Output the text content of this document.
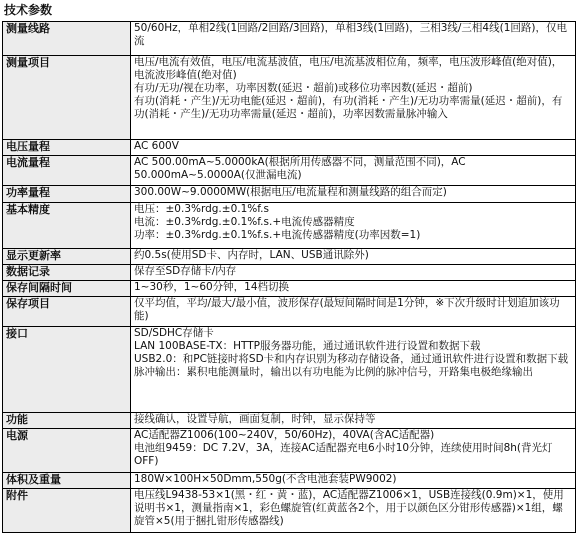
技术参数
测量线路	50/60Hz，单相2线(1回路/2回路/3回路)，单相3线(1回路)，三相3线/三相4线(1回路)，仅电流

测量项目	电压/电流有效值，电压/电流基波值，电压/电流基波相位角，频率，电压波形峰值(绝对值)，电流波形峰值(绝对值)

有功/无功/视在功率，功率因数(延迟・超前)或移位功率因数(延迟・超前)

有功(消耗・产生)/无功电能(延迟・超前)，有功(消耗・产生)/无功功率需量(延迟・超前)，有功(消耗・产生)/无功功率需量(延迟・超前)，功率因数需量脉冲输入

电压量程	AC 600V

电流量程	AC 500.00mA~5.0000kA(根据所用传感器不同，测量范围不同)，AC 50.000mA~5.0000A(仅泄漏电流)

功率量程	300.00W~9.0000MW(根据电压/电流量程和测量线路的组合而定)

基本精度	电压：±0.3%rdg.±0.1%f.s

电流：±0.3%rdg.±0.1%f.s.+电流传感器精度

功率：±0.3%rdg.±0.1%f.s.+电流传感器精度(功率因数=1)

显示更新率	约0.5s(使用SD卡、内存时，LAN、USB通讯除外)

数据记录	保存至SD存储卡/内存

保存间隔时间	1~30秒，1~60分钟，14档切换

保存项目	仅平均值，平均/最大/最小值，波形保存(最短间隔时间是1分钟，※下次升级时计划追加该功能)

接口	SD/SDHC存储卡

LAN 100BASE-TX：HTTP服务器功能，通过通讯软件进行设置和数据下载

USB2.0：和PC链接时将SD卡和内存识别为移动存储设备，通过通讯软件进行设置和数据下载

脉冲输出：累积电能测量时，输出以有功电能为比例的脉冲信号，开路集电极绝缘输出

功能	接线确认，设置导航，画面复制，时钟，显示保持等

电源	AC适配器Z1006(100~240V，50/60Hz)，40VA(含AC适配器)

电池组9459：DC 7.2V，3A，连接AC适配器充电6小时10分钟，连续使用时间8h(背光灯OFF)

体积及重量	180W×100H×50Dmm,550g(不含电池套装PW9002)

附件	电压线L9438-53×1(黑・红・黄・蓝)，AC适配器Z1006×1，USB连接线(0.9m)×1，使用说明书×1，测量指南×1，彩色螺旋管(红黄蓝各2个，用于以颜色区分钳形传感器)×1组，螺旋管×5(用于捆扎钳形传感器线)
